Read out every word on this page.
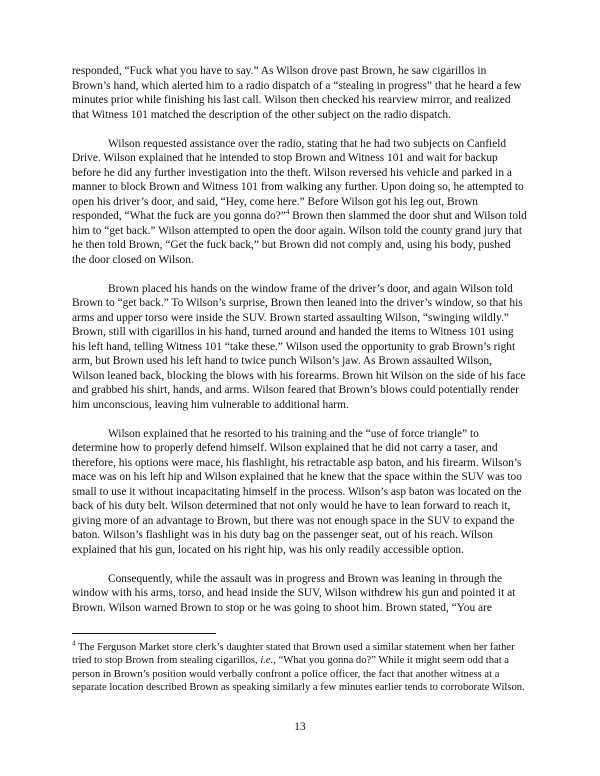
responded, “Fuck what you have to say.” As Wilson drove past Brown, he saw cigarillos in Brown’s hand, which alerted him to a radio dispatch of a “stealing in progress” that he heard a few minutes prior while finishing his last call. Wilson then checked his rearview mirror, and realized that Witness 101 matched the description of the other subject on the radio dispatch.

Wilson requested assistance over the radio, stating that he had two subjects on Canfield Drive. Wilson explained that he intended to stop Brown and Witness 101 and wait for backup before he did any further investigation into the theft. Wilson reversed his vehicle and parked in a manner to block Brown and Witness 101 from walking any further. Upon doing so, he attempted to open his driver’s door, and said, “Hey, come here.” Before Wilson got his leg out, Brown responded, “What the fuck are you gonna do?”$^4$ Brown then slammed the door shut and Wilson told him to “get back.” Wilson attempted to open the door again. Wilson told the county grand jury that he then told Brown, “Get the fuck back,” but Brown did not comply and, using his body, pushed the door closed on Wilson.

Brown placed his hands on the window frame of the driver’s door, and again Wilson told Brown to “get back.” To Wilson’s surprise, Brown then leaned into the driver’s window, so that his arms and upper torso were inside the SUV. Brown started assaulting Wilson, “swinging wildly.” Brown, still with cigarillos in his hand, turned around and handed the items to Witness 101 using his left hand, telling Witness 101 “take these.” Wilson used the opportunity to grab Brown’s right arm, but Brown used his left hand to twice punch Wilson’s jaw. As Brown assaulted Wilson, Wilson leaned back, blocking the blows with his forearms. Brown hit Wilson on the side of his face and grabbed his shirt, hands, and arms. Wilson feared that Brown’s blows could potentially render him unconscious, leaving him vulnerable to additional harm.

Wilson explained that he resorted to his training and the “use of force triangle” to determine how to properly defend himself. Wilson explained that he did not carry a taser, and therefore, his options were mace, his flashlight, his retractable asp baton, and his firearm. Wilson’s mace was on his left hip and Wilson explained that he knew that the space within the SUV was too small to use it without incapacitating himself in the process. Wilson’s asp baton was located on the back of his duty belt. Wilson determined that not only would he have to lean forward to reach it, giving more of an advantage to Brown, but there was not enough space in the SUV to expand the baton. Wilson’s flashlight was in his duty bag on the passenger seat, out of his reach. Wilson explained that his gun, located on his right hip, was his only readily accessible option.

Consequently, while the assault was in progress and Brown was leaning in through the window with his arms, torso, and head inside the SUV, Wilson withdrew his gun and pointed it at Brown. Wilson warned Brown to stop or he was going to shoot him. Brown stated, “You are

$^4$ The Ferguson Market store clerk’s daughter stated that Brown used a similar statement when her father tried to stop Brown from stealing cigarillos, i.e., “What you gonna do?” While it might seem odd that a person in Brown’s position would verbally confront a police officer, the fact that another witness at a separate location described Brown as speaking similarly a few minutes earlier tends to corroborate Wilson.

13
